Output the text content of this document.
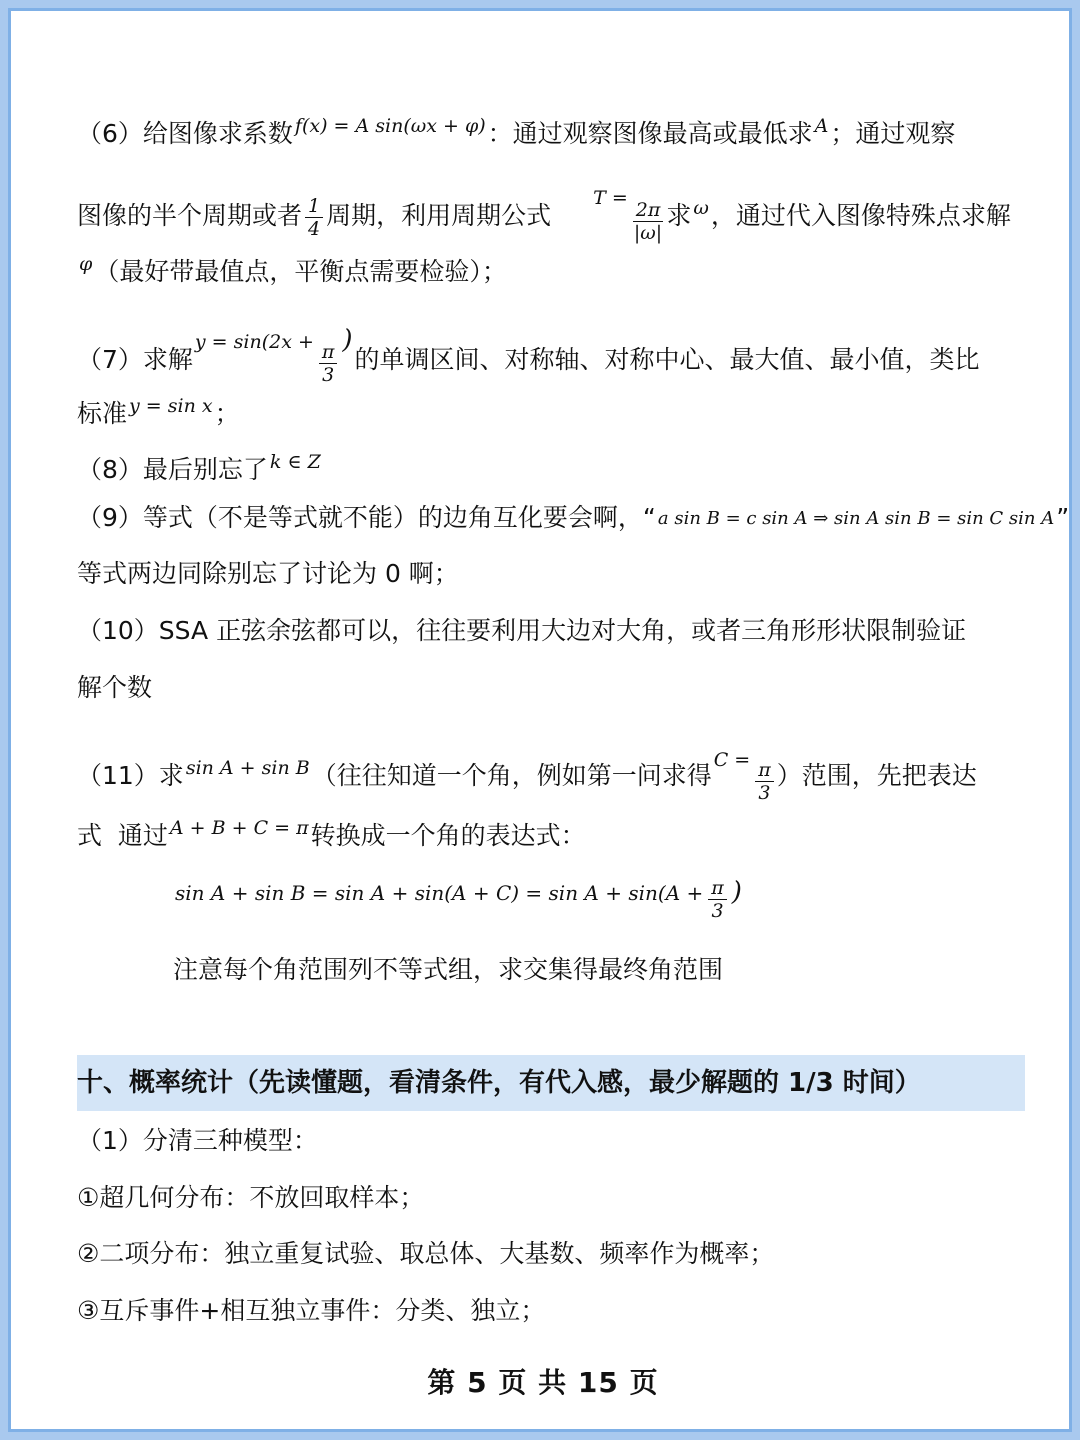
（6）给图像求系数 f(x) = A sin(ωx + φ)：通过观察图像最高或最低求 A；通过观察
图像的半个周期或者 $\frac{1}{4}$ 周期，利用周期公式T =
$\frac{2\pi}{|\omega|}$ 求 ω，通过代入图像特殊点求解
φ（最好带最值点，平衡点需要检验）；
（7）求解$y = \sin(2x + \frac{\pi}{3}$
)的单调区间、对称轴、对称中心、最大值、最小值，类比
标准 y = sin x；
（8）最后别忘了 k ∈ Z
（9）等式（不是等式就不能）的边角互化要会啊，“ a sin B = c sin A ⇒ sin A sin B = sin C sin A”
等式两边同除别忘了讨论为 0 啊；
（10）SSA 正弦余弦都可以，往往要利用大边对大角，或者三角形形状限制验证
解个数
（11）求 sin A + sin B（往往知道一个角，例如第一问求得$C = \frac{\pi}{3}$ ）范围，先把表达
式  通过 A + B + C = π转换成一个角的表达式：
$\sin A + \sin B = \sin A + \sin(A + C) = \sin A + \sin(A + \frac{\pi}{3}$ )
注意每个角范围列不等式组，求交集得最终角范围
十、概率统计（先读懂题，看清条件，有代入感，最少解题的 1/3 时间）
（1）分清三种模型：
①超几何分布：不放回取样本；
②二项分布：独立重复试验、取总体、大基数、频率作为概率；
③互斥事件+相互独立事件：分类、独立；
第 5 页 共 15 页
